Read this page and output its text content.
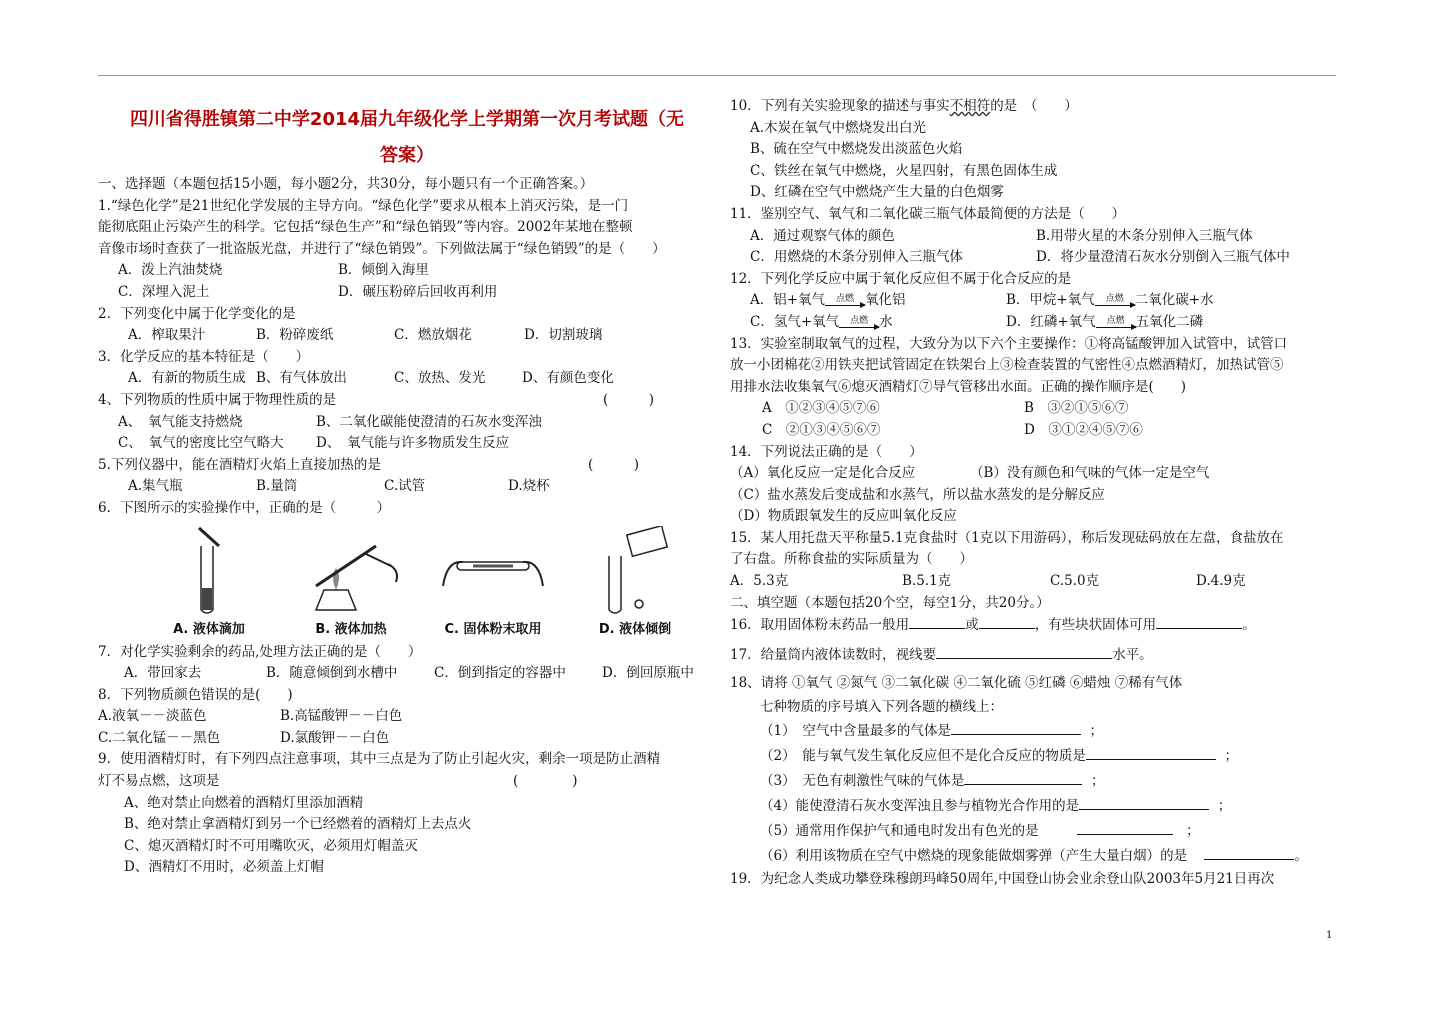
四川省得胜镇第二中学2014届九年级化学上学期第一次月考试题（无
答案）
一、选择题（本题包括15小题，每小题2分，共30分，每小题只有一个正确答案。）
1.“绿色化学”是21世纪化学发展的主导方向。“绿色化学”要求从根本上消灭污染，是一门
能彻底阻止污染产生的科学。它包括“绿色生产”和“绿色销毁”等内容。2002年某地在整顿
音像市场时查获了一批盗版光盘，并进行了“绿色销毁”。下列做法属于“绿色销毁”的是（　　）
A．泼上汽油焚烧	B．倾倒入海里
C．深埋入泥土	D．碾压粉碎后回收再利用
2．下列变化中属于化学变化的是
A．榨取果汁	B．粉碎废纸	C．燃放烟花	D．切割玻璃
3．化学反应的基本特征是（　　）
A．有新的物质生成 B、有气体放出	C、放热、发光	D、有颜色变化
4、下列物质的性质中属于物理性质的是	(　　　)
A、　氧气能支持燃烧	B、二氧化碳能使澄清的石灰水变浑浊
C、　氧气的密度比空气略大	D、　氧气能与许多物质发生反应
5.下列仪器中，能在酒精灯火焰上直接加热的是	(　　　)
A.集气瓶	B.量筒	C.试管	D.烧杯
6．下图所示的实验操作中，正确的是（　　　）
A. 液体滴加	B. 液体加热	C. 固体粉末取用	D. 液体倾倒
7．对化学实验剩余的药品,处理方法正确的是（　　）
A．带回家去	B．随意倾倒到水槽中	C．倒到指定的容器中	D．倒回原瓶中
8．下列物质颜色错误的是(　　)
A.液氧－－淡蓝色	B.高锰酸钾－－白色
C.二氧化锰－－黑色	D.氯酸钾－－白色
9．使用酒精灯时，有下列四点注意事项，其中三点是为了防止引起火灾，剩余一项是防止酒精
灯不易点燃，这项是	(　　　　)
A、绝对禁止向燃着的酒精灯里添加酒精
B、绝对禁止拿酒精灯到另一个已经燃着的酒精灯上去点火
C、熄灭酒精灯时不可用嘴吹灭，必须用灯帽盖灭
D、酒精灯不用时，必须盖上灯帽
10．下列有关实验现象的描述与事实不相符的是　（　　）
A.木炭在氧气中燃烧发出白光
B、硫在空气中燃烧发出淡蓝色火焰
C、铁丝在氧气中燃烧，火星四射，有黑色固体生成
D、红磷在空气中燃烧产生大量的白色烟雾
11．鉴别空气、氧气和二氧化碳三瓶气体最简便的方法是（　　）
A．通过观察气体的颜色	B.用带火星的木条分别伸入三瓶气体
C．用燃烧的木条分别伸入三瓶气体	D．将少量澄清石灰水分别倒入三瓶气体中
12．下列化学反应中属于氧化反应但不属于化合反应的是
A．铝+氧气	点燃 氧化铝	B．甲烷+氧气	点燃 二氧化碳+水
C．氢气+氧气	点燃 水	D．红磷+氧气	点燃 五氧化二磷
13．实验室制取氧气的过程，大致分为以下六个主要操作：①将高锰酸钾加入试管中，试管口
放一小团棉花②用铁夹把试管固定在铁架台上③检查装置的气密性④点燃酒精灯，加热试管⑤
用排水法收集氧气⑥熄灭酒精灯⑦导气管移出水面。正确的操作顺序是(　　)
A　①②③④⑤⑦⑥	B　③②①⑤⑥⑦
C　②①③④⑤⑥⑦	D　③①②④⑤⑦⑥
14．下列说法正确的是（　　）
（A）氧化反应一定是化合反应	（B）没有颜色和气味的气体一定是空气
（C）盐水蒸发后变成盐和水蒸气，所以盐水蒸发的是分解反应
（D）物质跟氧发生的反应叫氧化反应
15．某人用托盘天平称量5.1克食盐时（1克以下用游码），称后发现砝码放在左盘，食盐放在
了右盘。所称食盐的实际质量为（　　）
A．5.3克	B.5.1克	C.5.0克	D.4.9克
二、填空题（本题包括20个空，每空1分，共20分。）
16．取用固体粉末药品一般用	或	，有些块状固体可用	。
17．给量筒内液体读数时，视线要	水平。
18、请将 ①氧气 ②氮气 ③二氧化碳 ④二氧化硫 ⑤红磷 ⑥蜡烛 ⑦稀有气体
七种物质的序号填入下列各题的横线上：
（1）　空气中含量最多的气体是	；
（2）　能与氧气发生氧化反应但不是化合反应的物质是	；
（3）　无色有刺激性气味的气体是	；
（4）能使澄清石灰水变浑浊且参与植物光合作用的是	；
（5）通常用作保护气和通电时发出有色光的是	；
（6）利用该物质在空气中燃烧的现象能做烟雾弹（产生大量白烟）的是	。
19．为纪念人类成功攀登珠穆朗玛峰50周年,中国登山协会业余登山队2003年5月21日再次
1
